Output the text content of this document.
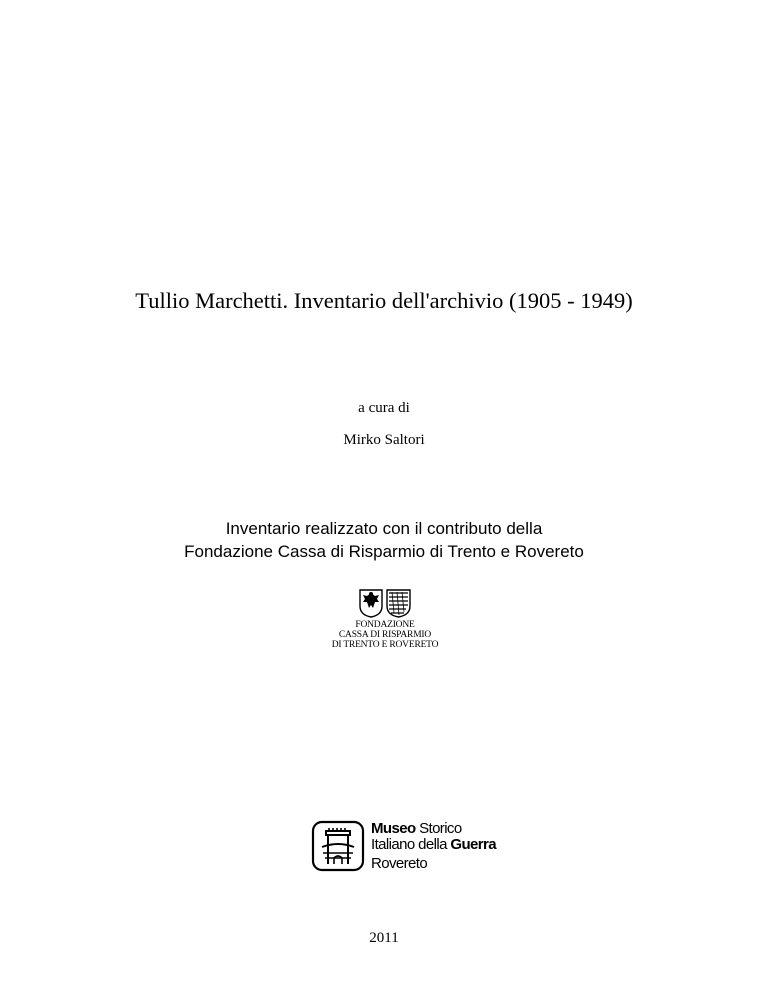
Tullio Marchetti. Inventario dell'archivio (1905 - 1949)
a cura di
Mirko Saltori
Inventario realizzato con il contributo della
Fondazione Cassa di Risparmio di Trento e Rovereto
FONDAZIONE
CASSA DI RISPARMIO
DI TRENTO E ROVERETO
Museo Storico
Italiano della Guerra
Rovereto
2011
